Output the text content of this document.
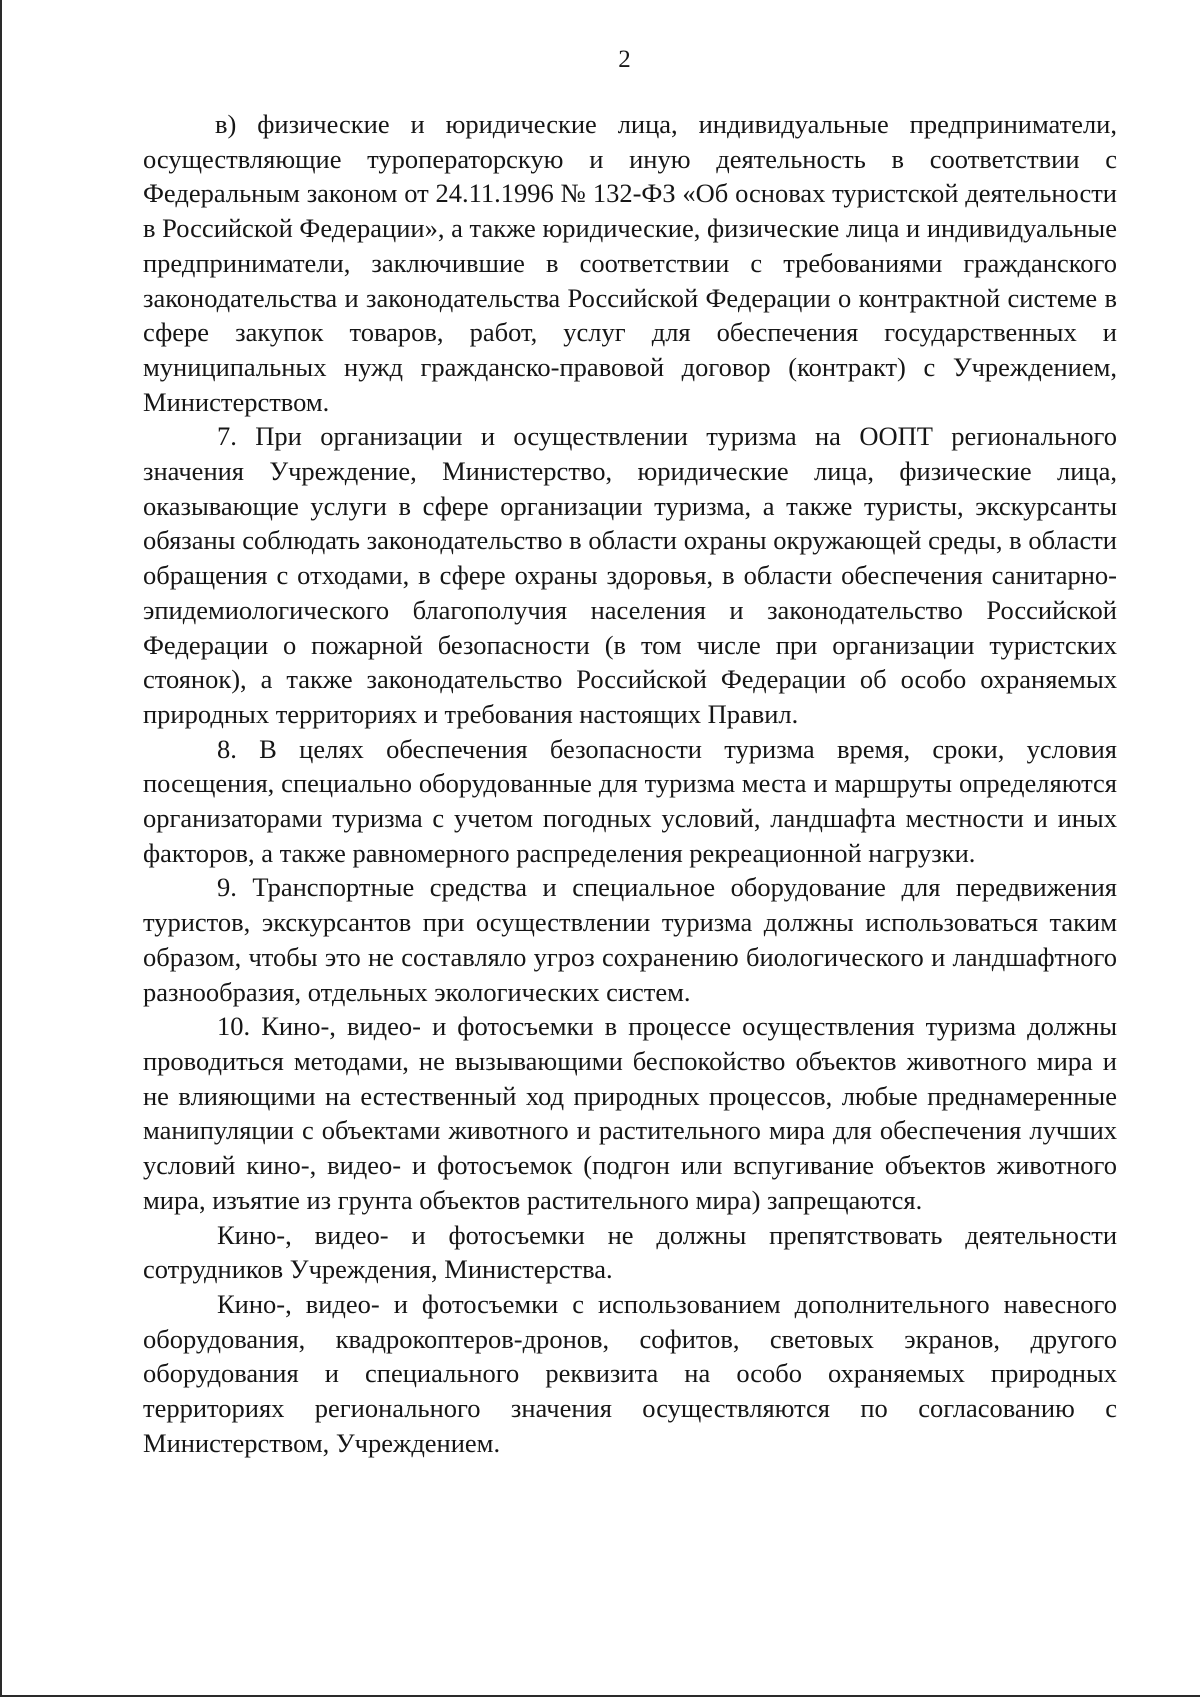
2

в) физические и юридические лица, индивидуальные предприниматели, осуществляющие туроператорскую и иную деятельность в соответствии с Федеральным законом от 24.11.1996 № 132-ФЗ «Об основах туристской деятельности в Российской Федерации», а также юридические, физические лица и индивидуальные предприниматели, заключившие в соответствии с требованиями гражданского законодательства и законодательства Российской Федерации о контрактной системе в сфере закупок товаров, работ, услуг для обеспечения государственных и муниципальных нужд гражданско-правовой договор (контракт) с Учреждением, Министерством.

7. При организации и осуществлении туризма на ООПТ регионального значения Учреждение, Министерство, юридические лица, физические лица, оказывающие услуги в сфере организации туризма, а также туристы, экскурсанты обязаны соблюдать законодательство в области охраны окружающей среды, в области обращения с отходами, в сфере охраны здоровья, в области обеспечения санитарно-эпидемиологического благополучия населения и законодательство Российской Федерации о пожарной безопасности (в том числе при организации туристских стоянок), а также законодательство Российской Федерации об особо охраняемых природных территориях и требования настоящих Правил.

8. В целях обеспечения безопасности туризма время, сроки, условия посещения, специально оборудованные для туризма места и маршруты определяются организаторами туризма с учетом погодных условий, ландшафта местности и иных факторов, а также равномерного распределения рекреационной нагрузки.

9. Транспортные средства и специальное оборудование для передвижения туристов, экскурсантов при осуществлении туризма должны использоваться таким образом, чтобы это не составляло угроз сохранению биологического и ландшафтного разнообразия, отдельных экологических систем.

10. Кино-, видео- и фотосъемки в процессе осуществления туризма должны проводиться методами, не вызывающими беспокойство объектов животного мира и не влияющими на естественный ход природных процессов, любые преднамеренные манипуляции с объектами животного и растительного мира для обеспечения лучших условий кино-, видео- и фотосъемок (подгон или вспугивание объектов животного мира, изъятие из грунта объектов растительного мира) запрещаются.

Кино-, видео- и фотосъемки не должны препятствовать деятельности сотрудников Учреждения, Министерства.

Кино-, видео- и фотосъемки с использованием дополнительного навесного оборудования, квадрокоптеров-дронов, софитов, световых экранов, другого оборудования и специального реквизита на особо охраняемых природных территориях регионального значения осуществляются по согласованию с Министерством, Учреждением.
